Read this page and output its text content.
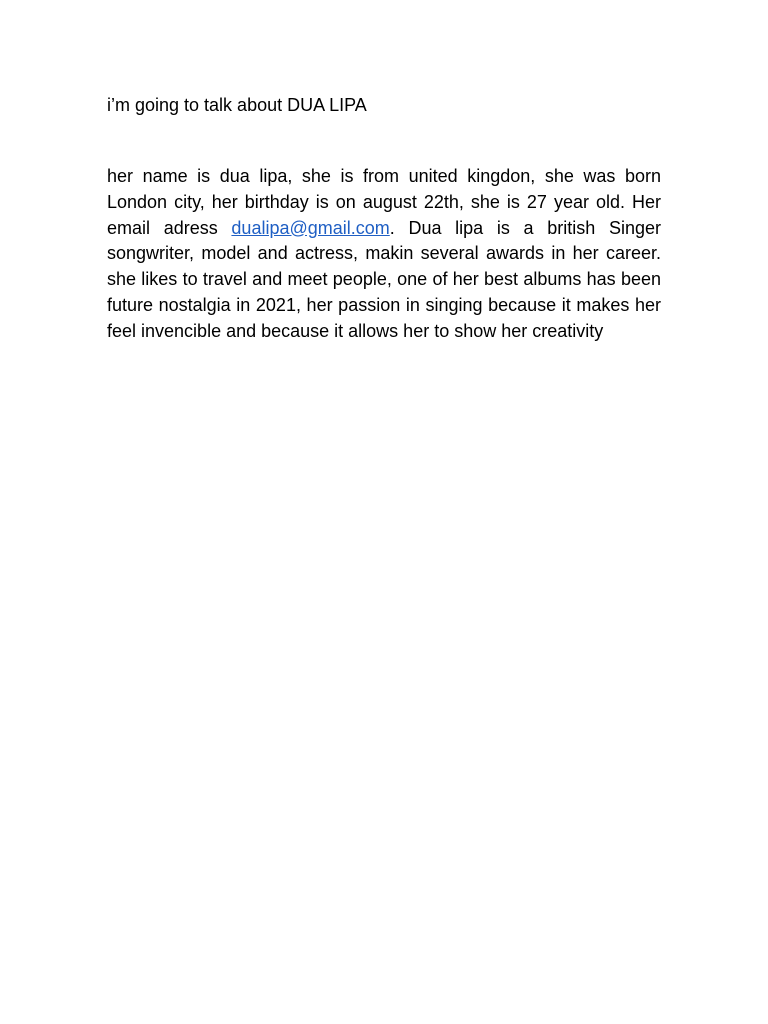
i’m going to talk about DUA LIPA

her name is dua lipa, she is from united kingdon, she was born London city, her birthday is on august 22th, she is 27 year old. Her email adress dualipa@gmail.com. Dua lipa is a british Singer songwriter, model and actress, makin several awards in her career. she likes to travel and meet people, one of her best albums has been future nostalgia in 2021, her passion in singing because it makes her feel invencible and because it allows her to show her creativity
